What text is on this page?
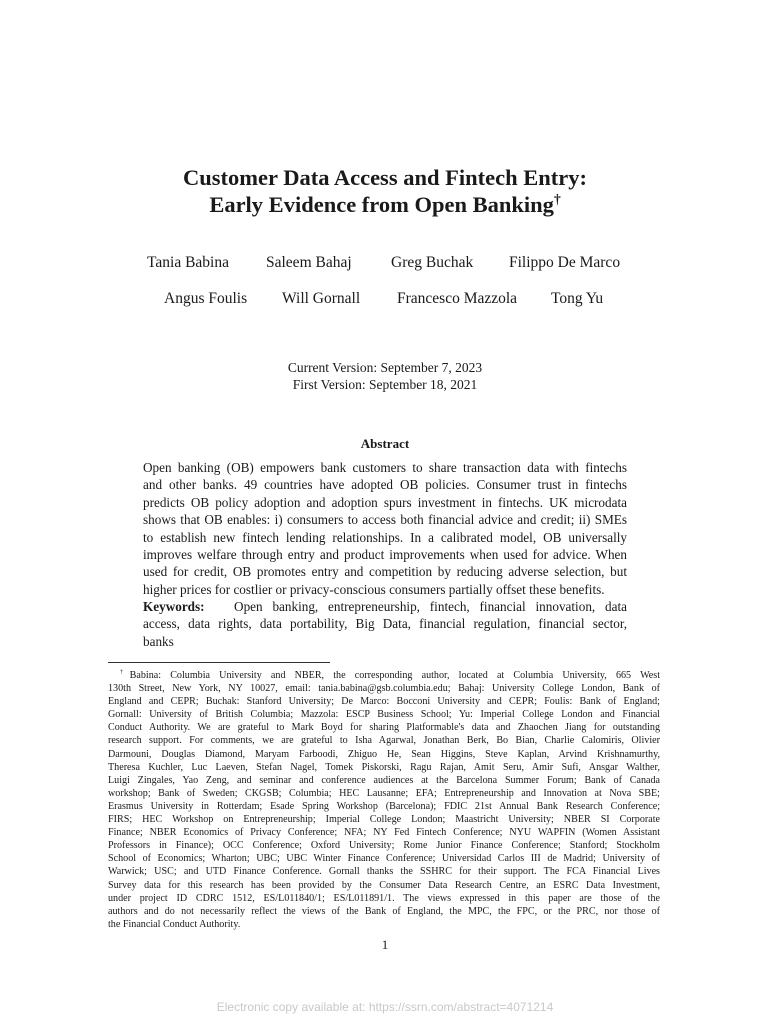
Customer Data Access and Fintech Entry:
Early Evidence from Open Banking†
Tania Babina Saleem Bahaj	Greg Buchak Filippo De Marco
Angus Foulis Will Gornall Francesco Mazzola Tong Yu
Current Version: September 7, 2023
First Version: September 18, 2021
Abstract
Open banking (OB) empowers bank customers to share transaction data with fintechs
and other banks. 49 countries have adopted OB policies. Consumer trust in fintechs
predicts OB policy adoption and adoption spurs investment in fintechs. UK microdata
shows that OB enables: i) consumers to access both financial advice and credit; ii) SMEs
to establish new fintech lending relationships. In a calibrated model, OB universally
improves welfare through entry and product improvements when used for advice. When
used for credit, OB promotes entry and competition by reducing adverse selection, but
higher prices for costlier or privacy-conscious consumers partially offset these benefits.
Keywords: Open banking, entrepreneurship, fintech, financial innovation, data
access, data rights, data portability, Big Data, financial regulation, financial sector,
banks
†Babina: Columbia University and NBER, the corresponding author, located at Columbia University, 665 West
130th Street, New York, NY 10027, email: tania.babina@gsb.columbia.edu; Bahaj: University College London, Bank of
England and CEPR; Buchak: Stanford University; De Marco: Bocconi University and CEPR; Foulis: Bank of England;
Gornall: University of British Columbia; Mazzola: ESCP Business School; Yu: Imperial College London and Financial
Conduct Authority. We are grateful to Mark Boyd for sharing Platformable's data and Zhaochen Jiang for outstanding
research support. For comments, we are grateful to Isha Agarwal, Jonathan Berk, Bo Bian, Charlie Calomiris, Olivier
Darmouni, Douglas Diamond, Maryam Farboodi, Zhiguo He, Sean Higgins, Steve Kaplan, Arvind Krishnamurthy,
Theresa Kuchler, Luc Laeven, Stefan Nagel, Tomek Piskorski, Ragu Rajan, Amit Seru, Amir Sufi, Ansgar Walther,
Luigi Zingales, Yao Zeng, and seminar and conference audiences at the Barcelona Summer Forum; Bank of Canada
workshop; Bank of Sweden; CKGSB; Columbia; HEC Lausanne; EFA; Entrepreneurship and Innovation at Nova SBE;
Erasmus University in Rotterdam; Esade Spring Workshop (Barcelona); FDIC 21st Annual Bank Research Conference;
FIRS; HEC Workshop on Entrepreneurship; Imperial College London; Maastricht University; NBER SI Corporate
Finance; NBER Economics of Privacy Conference; NFA; NY Fed Fintech Conference; NYU WAPFIN (Women Assistant
Professors in Finance); OCC Conference; Oxford University; Rome Junior Finance Conference; Stanford; Stockholm
School of Economics; Wharton; UBC; UBC Winter Finance Conference; Universidad Carlos III de Madrid; University of
Warwick; USC; and UTD Finance Conference. Gornall thanks the SSHRC for their support. The FCA Financial Lives
Survey data for this research has been provided by the Consumer Data Research Centre, an ESRC Data Investment,
under project ID CDRC 1512, ES/L011840/1; ES/L011891/1. The views expressed in this paper are those of the
authors and do not necessarily reflect the views of the Bank of England, the MPC, the FPC, or the PRC, nor those of
the Financial Conduct Authority.
1
Electronic copy available at: https://ssrn.com/abstract=4071214
